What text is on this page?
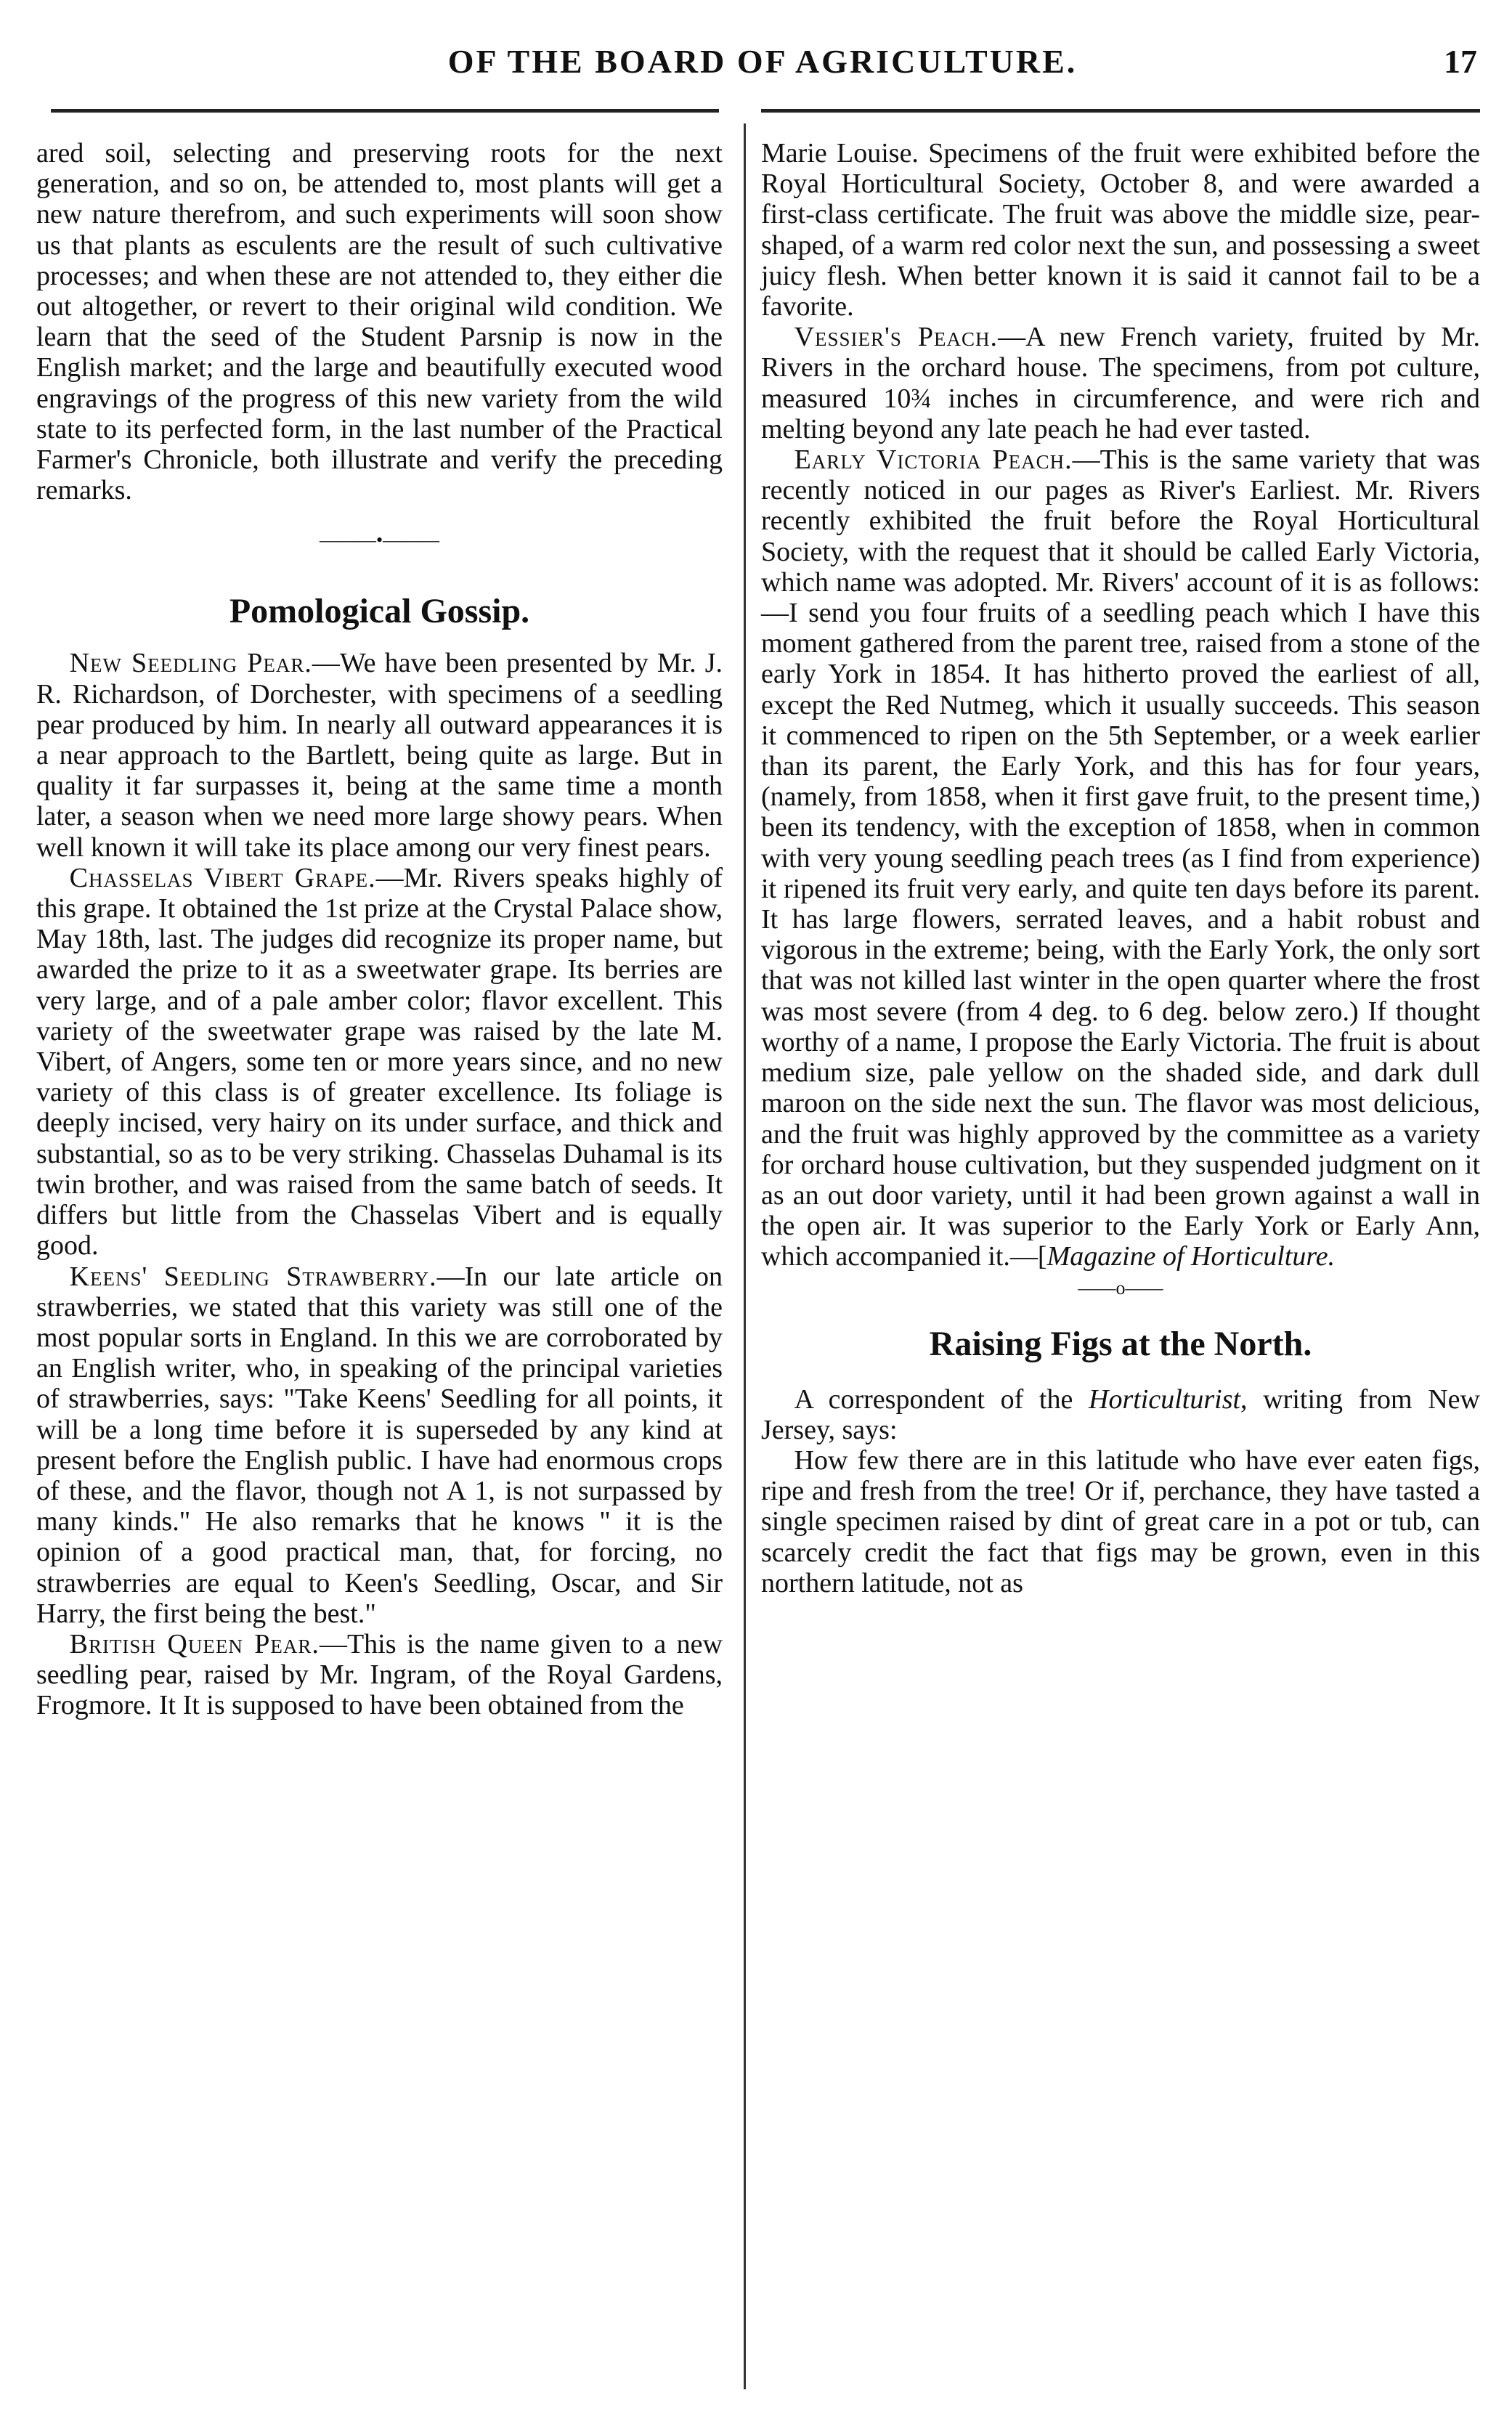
OF THE BOARD OF AGRICULTURE.	17

ared soil, selecting and preserving roots for the next generation, and so on, be attended to, most plants will get a new nature therefrom, and such experiments will soon show us that plants as esculents are the result of such cultivative processes; and when these are not attended to, they either die out altogether, or revert to their original wild condition. We learn that the seed of the Student Parsnip is now in the English market; and the large and beautifully executed wood engravings of the progress of this new variety from the wild state to its perfected form, in the last number of the Practical Farmer's Chronicle, both illustrate and verify the preceding remarks.

———•———
Pomological Gossip.

New Seedling Pear.—We have been presented by Mr. J. R. Richardson, of Dorchester, with specimens of a seedling pear produced by him. In nearly all outward appearances it is a near approach to the Bartlett, being quite as large. But in quality it far surpasses it, being at the same time a month later, a season when we need more large showy pears. When well known it will take its place among our very finest pears.

Chasselas Vibert Grape.—Mr. Rivers speaks highly of this grape. It obtained the 1st prize at the Crystal Palace show, May 18th, last. The judges did recognize its proper name, but awarded the prize to it as a sweetwater grape. Its berries are very large, and of a pale amber color; flavor excellent. This variety of the sweetwater grape was raised by the late M. Vibert, of Angers, some ten or more years since, and no new variety of this class is of greater excellence. Its foliage is deeply incised, very hairy on its under surface, and thick and substantial, so as to be very striking. Chasselas Duhamal is its twin brother, and was raised from the same batch of seeds. It differs but little from the Chasselas Vibert and is equally good.

Keens' Seedling Strawberry.—In our late article on strawberries, we stated that this variety was still one of the most popular sorts in England. In this we are corroborated by an English writer, who, in speaking of the principal varieties of strawberries, says: "Take Keens' Seedling for all points, it will be a long time before it is superseded by any kind at present before the English public. I have had enormous crops of these, and the flavor, though not A 1, is not surpassed by many kinds." He also remarks that he knows " it is the opinion of a good practical man, that, for forcing, no strawberries are equal to Keen's Seedling, Oscar, and Sir Harry, the first being the best."

British Queen Pear.—This is the name given to a new seedling pear, raised by Mr. Ingram, of the Royal Gardens, Frogmore. It It is supposed to have been obtained from the

Marie Louise. Specimens of the fruit were exhibited before the Royal Horticultural Society, October 8, and were awarded a first-class certificate. The fruit was above the middle size, pear-shaped, of a warm red color next the sun, and possessing a sweet juicy flesh. When better known it is said it cannot fail to be a favorite.

Vessier's Peach.—A new French variety, fruited by Mr. Rivers in the orchard house. The specimens, from pot culture, measured 10¾ inches in circumference, and were rich and melting beyond any late peach he had ever tasted.

Early Victoria Peach.—This is the same variety that was recently noticed in our pages as River's Earliest. Mr. Rivers recently exhibited the fruit before the Royal Horticultural Society, with the request that it should be called Early Victoria, which name was adopted. Mr. Rivers' account of it is as follows:—I send you four fruits of a seedling peach which I have this moment gathered from the parent tree, raised from a stone of the early York in 1854. It has hitherto proved the earliest of all, except the Red Nutmeg, which it usually succeeds. This season it commenced to ripen on the 5th September, or a week earlier than its parent, the Early York, and this has for four years, (namely, from 1858, when it first gave fruit, to the present time,) been its tendency, with the exception of 1858, when in common with very young seedling peach trees (as I find from experience) it ripened its fruit very early, and quite ten days before its parent. It has large flowers, serrated leaves, and a habit robust and vigorous in the extreme; being, with the Early York, the only sort that was not killed last winter in the open quarter where the frost was most severe (from 4 deg. to 6 deg. below zero.) If thought worthy of a name, I propose the Early Victoria. The fruit is about medium size, pale yellow on the shaded side, and dark dull maroon on the side next the sun. The flavor was most delicious, and the fruit was highly approved by the committee as a variety for orchard house cultivation, but they suspended judgment on it as an out door variety, until it had been grown against a wall in the open air. It was superior to the Early York or Early Ann, which accompanied it.—[Magazine of Horticulture.

——o——
Raising Figs at the North.

A correspondent of the Horticulturist, writing from New Jersey, says:

How few there are in this latitude who have ever eaten figs, ripe and fresh from the tree! Or if, perchance, they have tasted a single specimen raised by dint of great care in a pot or tub, can scarcely credit the fact that figs may be grown, even in this northern latitude, not as
